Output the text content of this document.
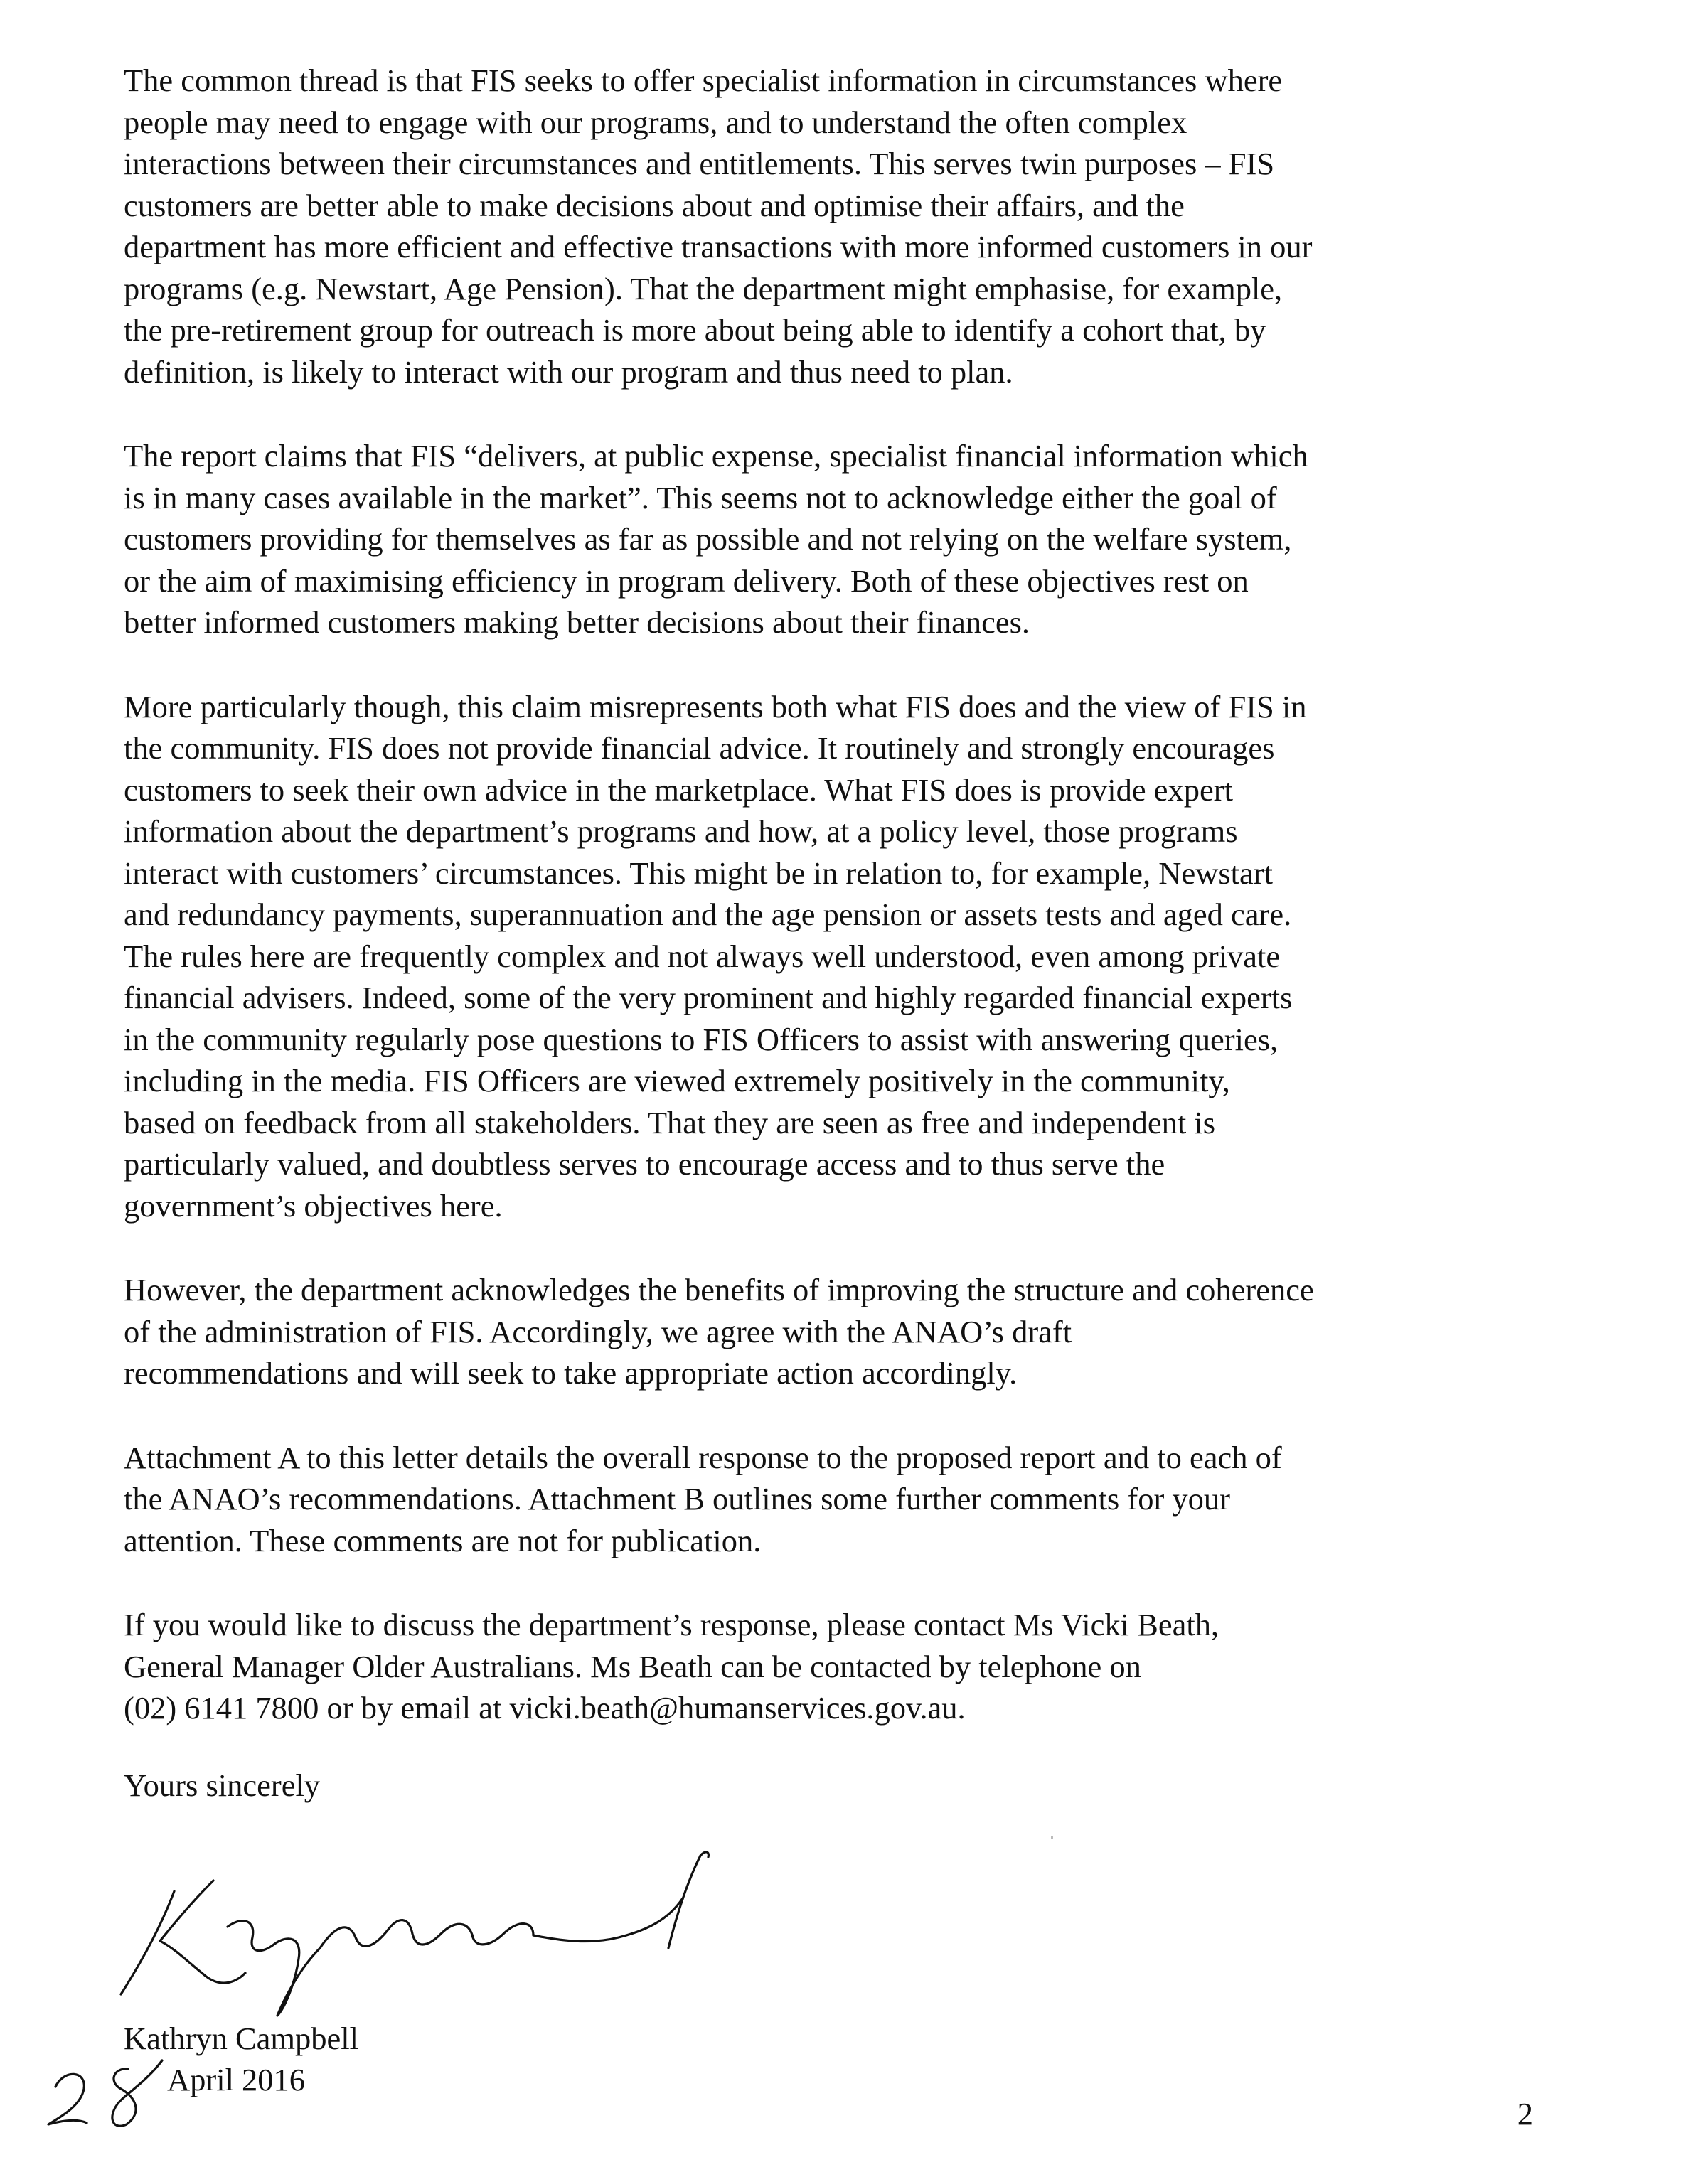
The common thread is that FIS seeks to offer specialist information in circumstances where
people may need to engage with our programs, and to understand the often complex
interactions between their circumstances and entitlements. This serves twin purposes – FIS
customers are better able to make decisions about and optimise their affairs, and the
department has more efficient and effective transactions with more informed customers in our
programs (e.g. Newstart, Age Pension). That the department might emphasise, for example,
the pre-retirement group for outreach is more about being able to identify a cohort that, by
definition, is likely to interact with our program and thus need to plan.

The report claims that FIS “delivers, at public expense, specialist financial information which
is in many cases available in the market”. This seems not to acknowledge either the goal of
customers providing for themselves as far as possible and not relying on the welfare system,
or the aim of maximising efficiency in program delivery. Both of these objectives rest on
better informed customers making better decisions about their finances.

More particularly though, this claim misrepresents both what FIS does and the view of FIS in
the community. FIS does not provide financial advice. It routinely and strongly encourages
customers to seek their own advice in the marketplace. What FIS does is provide expert
information about the department’s programs and how, at a policy level, those programs
interact with customers’ circumstances. This might be in relation to, for example, Newstart
and redundancy payments, superannuation and the age pension or assets tests and aged care.
The rules here are frequently complex and not always well understood, even among private
financial advisers. Indeed, some of the very prominent and highly regarded financial experts
in the community regularly pose questions to FIS Officers to assist with answering queries,
including in the media. FIS Officers are viewed extremely positively in the community,
based on feedback from all stakeholders. That they are seen as free and independent is
particularly valued, and doubtless serves to encourage access and to thus serve the
government’s objectives here.

However, the department acknowledges the benefits of improving the structure and coherence
of the administration of FIS. Accordingly, we agree with the ANAO’s draft
recommendations and will seek to take appropriate action accordingly.

Attachment A to this letter details the overall response to the proposed report and to each of
the ANAO’s recommendations. Attachment B outlines some further comments for your
attention. These comments are not for publication.

If you would like to discuss the department’s response, please contact Ms Vicki Beath,
General Manager Older Australians. Ms Beath can be contacted by telephone on
(02) 6141 7800 or by email at vicki.beath@humanservices.gov.au.

Yours sincerely

Kathryn Campbell

April 2016

2
